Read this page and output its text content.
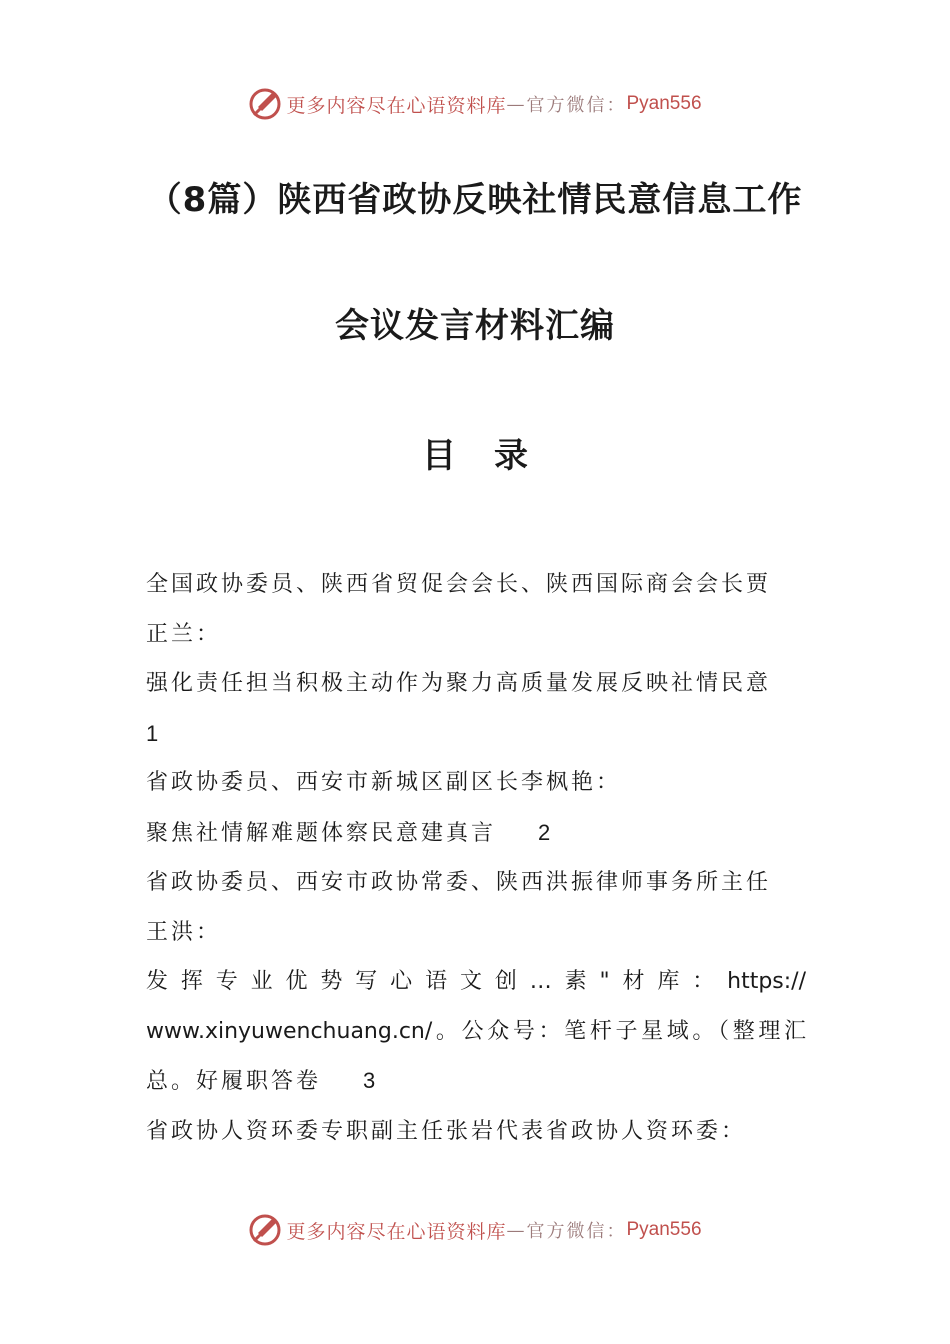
更多内容尽在心语资料库 — 官方微信： Pyan556
（8篇）陕西省政协反映社情民意信息工作
会议发言材料汇编
目录

全国政协委员、陕西省贸促会会长、陕西国际商会会长贾

正兰：

强化责任担当积极主动作为聚力高质量发展反映社情民意

1

省政协委员、西安市新城区副区长李枫艳：

聚焦社情解难题体察民意建真言 2

省政协委员、西安市政协常委、陕西洪振律师事务所主任

王洪：

发挥专业优势写心语文创…素"材库：https://

www.xinyuwenchuang.cn/。公众号：笔杆子星域。（整理汇

总。好履职答卷 3

省政协人资环委专职副主任张岩代表省政协人资环委：

更多内容尽在心语资料库 — 官方微信： Pyan556
